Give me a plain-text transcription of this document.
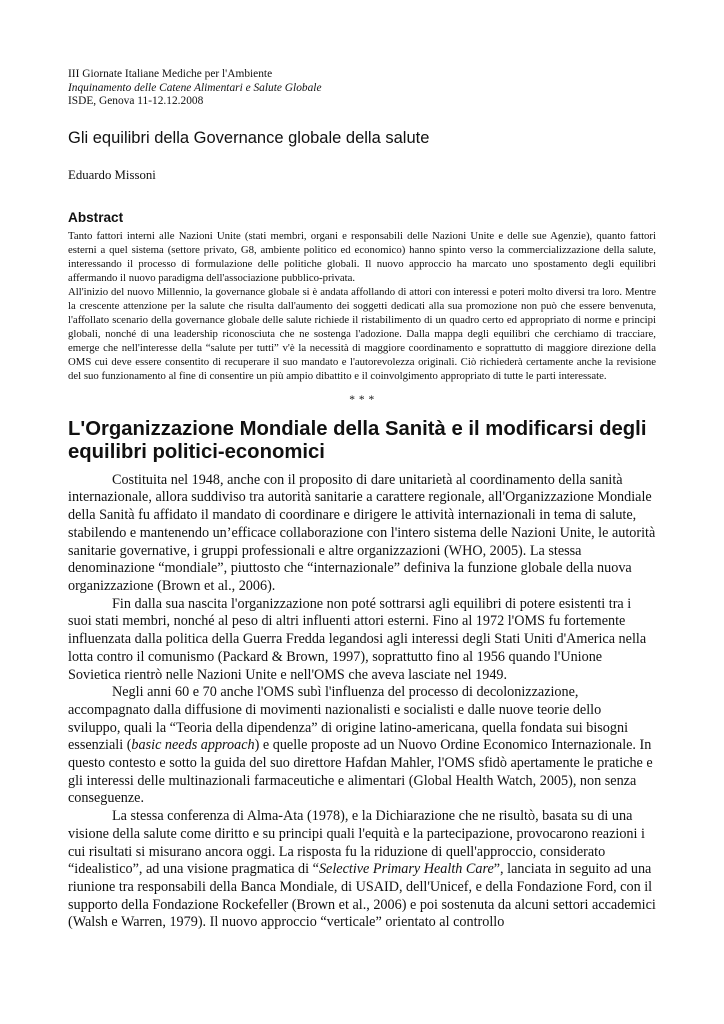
III Giornate Italiane Mediche per l'Ambiente
Inquinamento delle Catene Alimentari e Salute Globale
ISDE, Genova 11-12.12.2008
Gli equilibri della Governance globale della salute
Eduardo Missoni
Abstract

Tanto fattori interni alle Nazioni Unite (stati membri, organi e responsabili delle Nazioni Unite e delle sue Agenzie), quanto fattori esterni a quel sistema (settore privato, G8, ambiente politico ed economico) hanno spinto verso la commercializzazione della salute, interessando il processo di formulazione delle politiche globali. Il nuovo approccio ha marcato uno spostamento degli equilibri affermando il nuovo paradigma dell'associazione pubblico-privata.

All'inizio del nuovo Millennio, la governance globale si è andata affollando di attori con interessi e poteri molto diversi tra loro. Mentre la crescente attenzione per la salute che risulta dall'aumento dei soggetti dedicati alla sua promozione non può che essere benvenuta, l'affollato scenario della governance globale delle salute richiede il ristabilimento di un quadro certo ed appropriato di norme e principi globali, nonché di una leadership riconosciuta che ne sostenga l'adozione. Dalla mappa degli equilibri che cerchiamo di tracciare, emerge che nell'interesse della “salute per tutti” v'è la necessità di maggiore coordinamento e soprattutto di maggiore direzione della OMS cui deve essere consentito di recuperare il suo mandato e l'autorevolezza originali. Ciò richiederà certamente anche la revisione del suo funzionamento al fine di consentire un più ampio dibattito e il coinvolgimento appropriato di tutte le parti interessate.

* * *
L'Organizzazione Mondiale della Sanità e il modificarsi degli equilibri politici-economici

Costituita nel 1948, anche con il proposito di dare unitarietà al coordinamento della sanità internazionale, allora suddiviso tra autorità sanitarie a carattere regionale, all'Organizzazione Mondiale della Sanità fu affidato il mandato di coordinare e dirigere le attività internazionali in tema di salute, stabilendo e mantenendo un’efficace collaborazione con l'intero sistema delle Nazioni Unite, le autorità sanitarie governative, i gruppi professionali e altre organizzazioni (WHO, 2005). La stessa denominazione “mondiale”, piuttosto che “internazionale” definiva la funzione globale della nuova organizzazione (Brown et al., 2006).

Fin dalla sua nascita l'organizzazione non poté sottrarsi agli equilibri di potere esistenti tra i suoi stati membri, nonché al peso di altri influenti attori esterni. Fino al 1972 l'OMS fu fortemente influenzata dalla politica della Guerra Fredda legandosi agli interessi degli Stati Uniti d'America nella lotta contro il comunismo (Packard & Brown, 1997), soprattutto fino al 1956 quando l'Unione Sovietica rientrò nelle Nazioni Unite e nell'OMS che aveva lasciate nel 1949.

Negli anni 60 e 70 anche l'OMS subì l'influenza del processo di decolonizzazione, accompagnato dalla diffusione di movimenti nazionalisti e socialisti e dalle nuove teorie dello sviluppo, quali la “Teoria della dipendenza” di origine latino-americana, quella fondata sui bisogni essenziali (basic needs approach) e quelle proposte ad un Nuovo Ordine Economico Internazionale. In questo contesto e sotto la guida del suo direttore Hafdan Mahler, l'OMS sfidò apertamente le pratiche e gli interessi delle multinazionali farmaceutiche e alimentari (Global Health Watch, 2005), non senza conseguenze.

La stessa conferenza di Alma-Ata (1978), e la Dichiarazione che ne risultò, basata su di una visione della salute come diritto e su principi quali l'equità e la partecipazione, provocarono reazioni i cui risultati si misurano ancora oggi. La risposta fu la riduzione di quell'approccio, considerato “idealistico”, ad una visione pragmatica di “Selective Primary Health Care”, lanciata in seguito ad una riunione tra responsabili della Banca Mondiale, di USAID, dell'Unicef, e della Fondazione Ford, con il supporto della Fondazione Rockefeller (Brown et al., 2006) e poi sostenuta da alcuni settori accademici (Walsh e Warren, 1979). Il nuovo approccio “verticale” orientato al controllo
